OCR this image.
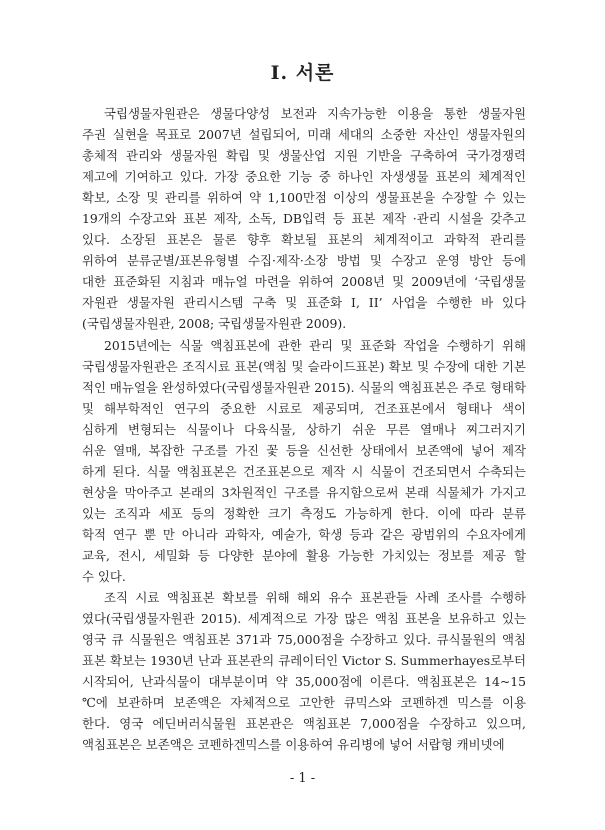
Ⅰ. 서론
국립생물자원관은 생물다양성 보전과 지속가능한 이용을 통한 생물자원
주권 실현을 목표로 2007년 설립되어, 미래 세대의 소중한 자산인 생물자원의
총체적 관리와 생물자원 확립 및 생물산업 지원 기반을 구축하여 국가경쟁력
제고에 기여하고 있다. 가장 중요한 기능 중 하나인 자생생물 표본의 체계적인
확보, 소장 및 관리를 위하여 약 1,100만점 이상의 생물표본을 수장할 수 있는
19개의 수장고와 표본 제작, 소독, DB입력 등 표본 제작 ·관리 시설을 갖추고
있다. 소장된 표본은 물론 향후 확보될 표본의 체계적이고 과학적 관리를
위하여 분류군별/표본유형별 수집·제작·소장 방법 및 수장고 운영 방안 등에
대한 표준화된 지침과 매뉴얼 마련을 위하여 2008년 및 2009년에 ‘국립생물
자원관 생물자원 관리시스템 구축 및 표준화 I, II’ 사업을 수행한 바 있다
(국립생물자원관, 2008; 국립생물자원관 2009).
2015년에는 식물 액침표본에 관한 관리 및 표준화 작업을 수행하기 위해
국립생물자원관은 조직시료 표본(액침 및 슬라이드표본) 확보 및 수장에 대한 기본
적인 매뉴얼을 완성하였다(국립생물자원관 2015). 식물의 액침표본은 주로 형태학
및 해부학적인 연구의 중요한 시료로 제공되며, 건조표본에서 형태나 색이
심하게 변형되는 식물이나 다육식물, 상하기 쉬운 무른 열매나 찌그러지기
쉬운 열매, 복잡한 구조를 가진 꽃 등을 신선한 상태에서 보존액에 넣어 제작
하게 된다. 식물 액침표본은 건조표본으로 제작 시 식물이 건조되면서 수축되는
현상을 막아주고 본래의 3차원적인 구조를 유지함으로써 본래 식물체가 가지고
있는 조직과 세포 등의 정확한 크기 측정도 가능하게 한다. 이에 따라 분류
학적 연구 뿐 만 아니라 과학자, 예술가, 학생 등과 같은 광범위의 수요자에게
교육, 전시, 세밀화 등 다양한 분야에 활용 가능한 가치있는 정보를 제공 할
수 있다.
조직 시료 액침표본 확보를 위해 해외 유수 표본관들 사례 조사를 수행하
였다(국립생물자원관 2015). 세계적으로 가장 많은 액침 표본을 보유하고 있는
영국 큐 식물원은 액침표본 371과 75,000점을 수장하고 있다. 큐식물원의 액침
표본 확보는 1930년 난과 표본관의 큐레이터인 Victor S. Summerhayes로부터
시작되어, 난과식물이 대부분이며 약 35,000점에 이른다. 액침표본은 14~15
℃에 보관하며 보존액은 자체적으로 고안한 큐믹스와 코펜하겐 믹스를 이용
한다. 영국 에딘버러식물원 표본관은 액침표본 7,000점을 수장하고 있으며,
액침표본은 보존액은 코펜하겐믹스를 이용하여 유리병에 넣어 서랍형 캐비넷에
- 1 -
